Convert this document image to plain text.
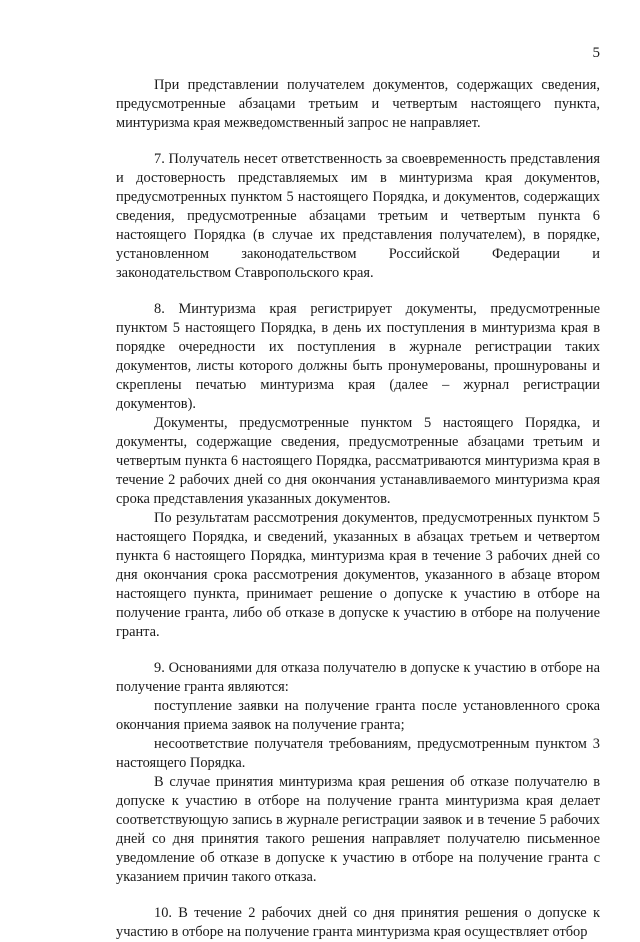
5

При представлении получателем документов, содержащих сведения, предусмотренные абзацами третьим и четвертым настоящего пункта, минтуризма края межведомственный запрос не направляет.

7. Получатель несет ответственность за своевременность представления и достоверность представляемых им в минтуризма края документов, предусмотренных пунктом 5 настоящего Порядка, и документов, содержащих сведения, предусмотренные абзацами третьим и четвертым пункта 6 настоящего Порядка (в случае их представления получателем), в порядке, установленном законодательством Российской Федерации и законодательством Ставропольского края.

8. Минтуризма края регистрирует документы, предусмотренные пунктом 5 настоящего Порядка, в день их поступления в минтуризма края в порядке очередности их поступления в журнале регистрации таких документов, листы которого должны быть пронумерованы, прошнурованы и скреплены печатью минтуризма края (далее – журнал регистрации документов).

Документы, предусмотренные пунктом 5 настоящего Порядка, и документы, содержащие сведения, предусмотренные абзацами третьим и четвертым пункта 6 настоящего Порядка, рассматриваются минтуризма края в течение 2 рабочих дней со дня окончания устанавливаемого минтуризма края срока представления указанных документов.

По результатам рассмотрения документов, предусмотренных пунктом 5 настоящего Порядка, и сведений, указанных в абзацах третьем и четвертом пункта 6 настоящего Порядка, минтуризма края в течение 3 рабочих дней со дня окончания срока рассмотрения документов, указанного в абзаце втором настоящего пункта, принимает решение о допуске к участию в отборе на получение гранта, либо об отказе в допуске к участию в отборе на получение гранта.

9. Основаниями для отказа получателю в допуске к участию в отборе на получение гранта являются:

поступление заявки на получение гранта после установленного срока окончания приема заявок на получение гранта;

несоответствие получателя требованиям, предусмотренным пунктом 3 настоящего Порядка.

В случае принятия минтуризма края решения об отказе получателю в допуске к участию в отборе на получение гранта минтуризма края делает соответствующую запись в журнале регистрации заявок и в течение 5 рабочих дней со дня принятия такого решения направляет получателю письменное уведомление об отказе в допуске к участию в отборе на получение гранта с указанием причин такого отказа.

10. В течение 2 рабочих дней со дня принятия решения о допуске к участию в отборе на получение гранта минтуризма края осуществляет отбор
